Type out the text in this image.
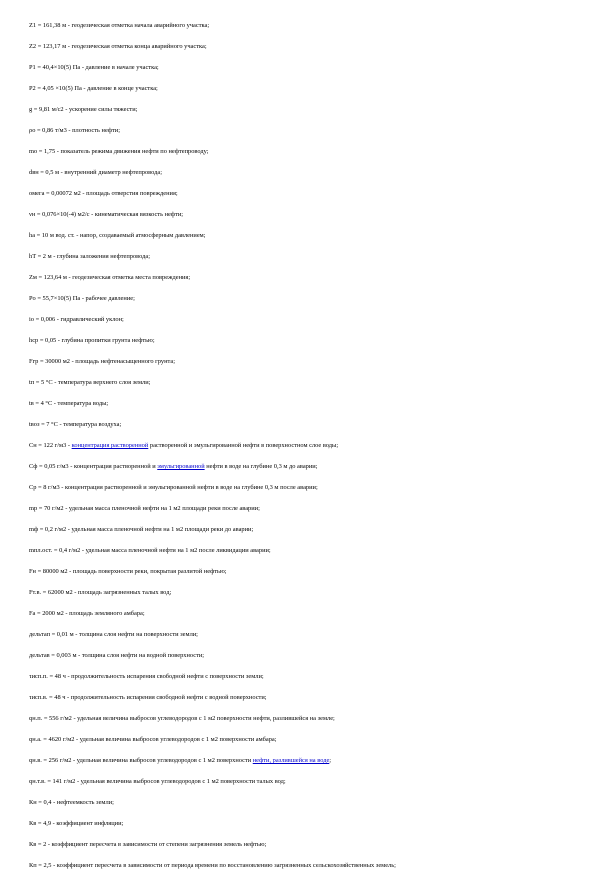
Z1 = 161,38 м - геодезическая отметка начала аварийного участка;
Z2 = 123,17 м - геодезическая отметка конца аварийного участка;
P1 = 40,4×10(5) Па - давление в начале участка;
P2 = 4,05 ×10(5) Па - давление в конце участка;
g = 9,81 м/с2 - ускорение силы тяжести;
ρо = 0,86 т/м3 - плотность нефти;
mo = 1,75 - показатель режима движения нефти по нефтепроводу;
dвн = 0,5 м - внутренний диаметр нефтепровода;
омега = 0,00072 м2 - площадь отверстия повреждения;
νн = 0,076×10(-4) м2/с - кинематическая вязкость нефти;
hа = 10 м вод. ст. - напор, создаваемый атмосферным давлением;
hT = 2 м - глубина заложения нефтепровода;
Zм = 123,64 м - геодезическая отметка места повреждения;
Pо = 55,7×10(5) Па - рабочее давление;
io = 0,006 - гидравлический уклон;
hср = 0,05 - глубина пропитки грунта нефтью;
Fгр = 30000 м2 - площадь нефтенасыщенного грунта;
tп = 5 °С - температура верхнего слоя земли;
tв = 4 °С - температура воды;
tвоз = 7 °С - температура воздуха;
Сн = 122 г/м3 - концентрация растворенной растворенной и эмульгированной нефти в поверхностном слое воды;
Сф = 0,05 г/м3 - концентрация растворенной и эмульгированной нефти в воде на глубине 0,3 м до аварии;
Ср = 8 г/м3 - концентрация растворенной и эмульгированной нефти в воде на глубине 0,3 м после аварии;
mр = 70 г/м2 - удельная масса пленочной нефти на 1 м2 площади реки после аварии;
mф = 0,2 г/м2 - удельная масса пленочной нефти на 1 м2 площади реки до аварии;
mпл.ост. = 0,4 г/м2 - удельная масса пленочной нефти на 1 м2 после ликвидации аварии;
Fн = 80000 м2 - площадь поверхности реки, покрытая разлитой нефтью;
Fт.в. = 62000 м2 - площадь загрязненных талых вод;
Fа = 2000 м2 - площадь земляного амбара;
дельтап = 0,01 м - толщина слоя нефти на поверхности земли;
дельтав = 0,003 м - толщина слоя нефти на водной поверхности;
τисп.п. = 48 ч - продолжительность испарения свободной нефти с поверхности земли;
τисп.в. = 48 ч - продолжительность испарения свободной нефти с водной поверхности;
qн.п. = 556 г/м2 - удельная величина выбросов углеводородов с 1 м2 поверхности нефти, разлившейся на земле;
qн.а. = 4620 г/м2 - удельная величина выбросов углеводородов с 1 м2 поверхности амбара;
qн.в. = 256 г/м2 - удельная величина выбросов углеводородов с 1 м2 поверхности нефти, разлившейся на воде;
qн.т.в. = 141 г/м2 - удельная величина выбросов углеводородов с 1 м2 поверхности талых вод;
Кн = 0,4 - нефтеемкость земли;
Кв = 4,9 - коэффициент инфляции;
Кв = 2 - коэффициент пересчета в зависимости от степени загрязнения земель нефтью;
Кп = 2,5 - коэффициент пересчета в зависимости от периода времени по восстановлению загрязненных сельскохозяйственных земель;
